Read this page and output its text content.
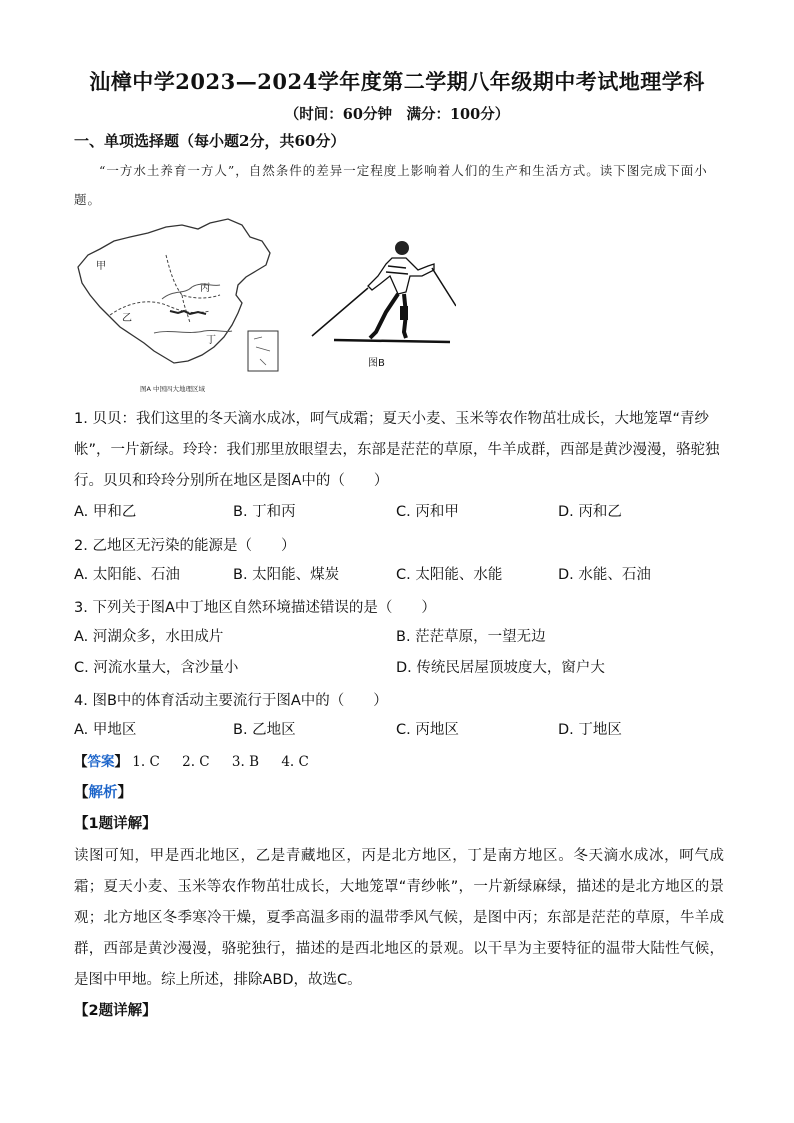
汕樟中学2023—2024学年度第二学期八年级期中考试地理学科
（时间：60分钟　满分：100分）
一、单项选择题（每小题2分，共60分）
“一方水土养育一方人”，自然条件的差异一定程度上影响着人们的生产和生活方式。读下图完成下面小题。
甲
乙
丙
丁
图A 中国四大地理区域
图B
1. 贝贝：我们这里的冬天滴水成冰，呵气成霜；夏天小麦、玉米等农作物茁壮成长，大地笼罩“青纱帐”，一片新绿。玲玲：我们那里放眼望去，东部是茫茫的草原，牛羊成群，西部是黄沙漫漫，骆驼独行。贝贝和玲玲分别所在地区是图A中的（　　）
A. 甲和乙	B. 丁和丙	C. 丙和甲	D. 丙和乙
2. 乙地区无污染的能源是（　　）
A. 太阳能、石油	B. 太阳能、煤炭	C. 太阳能、水能	D. 水能、石油
3. 下列关于图A中丁地区自然环境描述错误的是（　　）
A. 河湖众多，水田成片	B. 茫茫草原，一望无边
C. 河流水量大，含沙量小	D. 传统民居屋顶坡度大，窗户大
4. 图B中的体育活动主要流行于图A中的（　　）
A. 甲地区	B. 乙地区	C. 丙地区	D. 丁地区
【答案】 1. C 2. C 3. B 4. C
【解析】
【1题详解】
读图可知，甲是西北地区，乙是青藏地区，丙是北方地区，丁是南方地区。冬天滴水成冰，呵气成霜；夏天小麦、玉米等农作物茁壮成长，大地笼罩“青纱帐”，一片新绿麻绿，描述的是北方地区的景观；北方地区冬季寒冷干燥，夏季高温多雨的温带季风气候，是图中丙；东部是茫茫的草原，牛羊成群，西部是黄沙漫漫，骆驼独行，描述的是西北地区的景观。以干旱为主要特征的温带大陆性气候，是图中甲地。综上所述，排除ABD，故选C。
【2题详解】
